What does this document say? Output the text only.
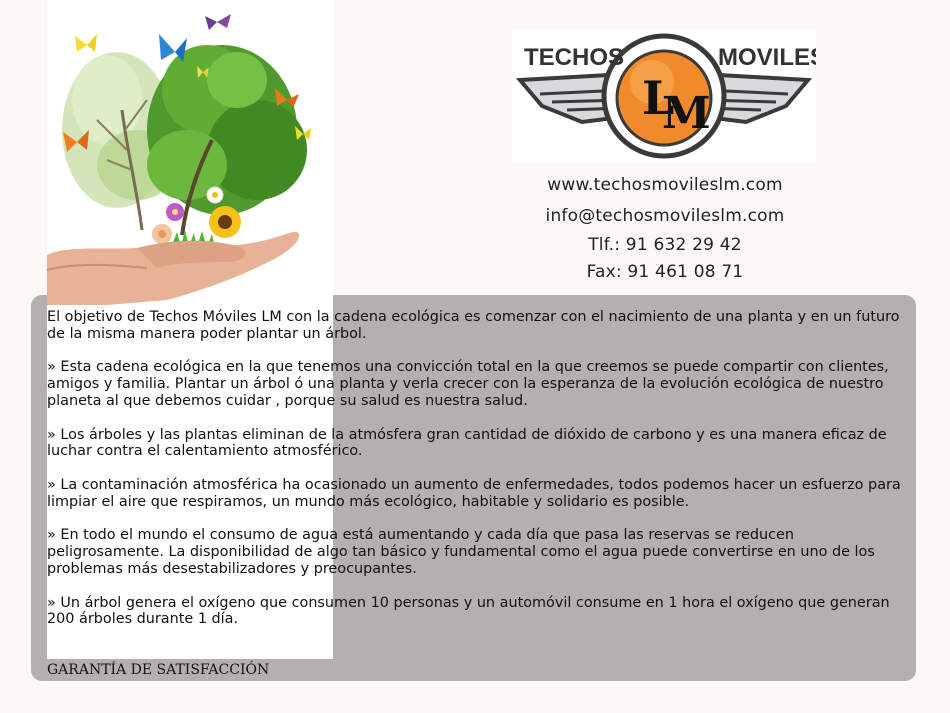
L
M
TECHOS	MOVILES
www.techosmovileslm.com
info@techosmovileslm.com
Tlf.: 91 632 29 42
Fax: 91 461 08 71

El objetivo de Techos Móviles LM con la cadena ecológica es comenzar con el nacimiento de una planta y en un futuro de la misma manera poder plantar un árbol.

» Esta cadena ecológica en la que tenemos una convicción total en la que creemos se puede compartir con clientes, amigos y familia. Plantar un árbol ó una planta y verla crecer con la esperanza de la evolución ecológica de nuestro planeta al que debemos cuidar , porque su salud es nuestra salud.

» Los árboles y las plantas eliminan de la atmósfera gran cantidad de dióxido de carbono y es una manera eficaz de luchar contra el calentamiento atmosférico.

» La contaminación atmosférica ha ocasionado un aumento de enfermedades, todos podemos hacer un esfuerzo para limpiar el aire que respiramos, un mundo más ecológico, habitable y solidario es posible.

» En todo el mundo el consumo de agua está aumentando y cada día que pasa las reservas se reducen peligrosamente. La disponibilidad de algo tan básico y fundamental como el agua puede convertirse en uno de los problemas más desestabilizadores y preocupantes.

» Un árbol genera el oxígeno que consumen 10 personas y un automóvil consume en 1 hora el oxígeno que generan 200 árboles durante 1 día.

GARANTÍA DE SATISFACCIÓN
